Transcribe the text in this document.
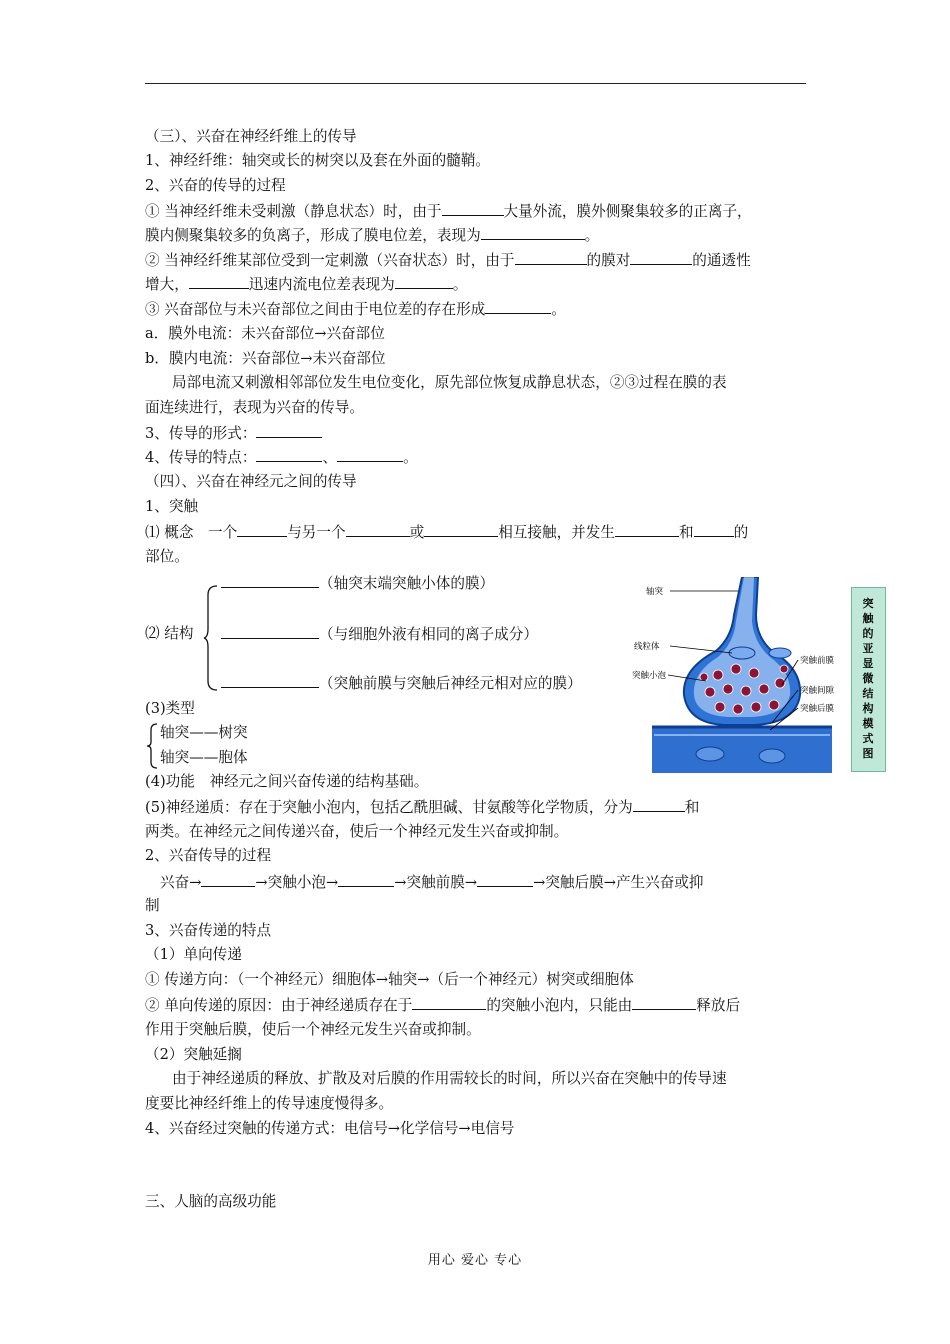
（三）、兴奋在神经纤维上的传导
1、神经纤维：轴突或长的树突以及套在外面的髓鞘。
2、兴奋的传导的过程
① 当神经纤维未受刺激（静息状态）时，由于	大量外流，膜外侧聚集较多的正离子，
膜内侧聚集较多的负离子，形成了膜电位差，表现为	。
② 当神经纤维某部位受到一定刺激（兴奋状态）时，由于	的膜对	的通透性
增大，	迅速内流电位差表现为	。
③ 兴奋部位与未兴奋部位之间由于电位差的存在形成	。
a．膜外电流：未兴奋部位→兴奋部位
b．膜内电流：兴奋部位→未兴奋部位
局部电流又刺激相邻部位发生电位变化，原先部位恢复成静息状态，②③过程在膜的表
面连续进行，表现为兴奋的传导。
3、传导的形式：
4、传导的特点：	、	。
（四）、兴奋在神经元之间的传导
1、突触
⑴ 概念　一个	与另一个	或	相互接触，并发生	和	的
部位。
（轴突末端突触小体的膜）
⑵ 结构	（与细胞外液有相同的离子成分）
（突触前膜与突触后神经元相对应的膜）
(3)类型
轴突——树突
轴突——胞体
(4)功能　神经元之间兴奋传递的结构基础。
(5)神经递质：存在于突触小泡内，包括乙酰胆碱、甘氨酸等化学物质，分为	和
两类。在神经元之间传递兴奋，使后一个神经元发生兴奋或抑制。
2、兴奋传导的过程
兴奋→	→突触小泡→	→突触前膜→	→突触后膜→产生兴奋或抑
制
3、兴奋传递的特点
（1）单向传递
① 传递方向：（一个神经元）细胞体→轴突→（后一个神经元）树突或细胞体
② 单向传递的原因：由于神经递质存在于	的突触小泡内，只能由	释放后
作用于突触后膜，使后一个神经元发生兴奋或抑制。
（2）突触延搁
由于神经递质的释放、扩散及对后膜的作用需较长的时间，所以兴奋在突触中的传导速
度要比神经纤维上的传导速度慢得多。
4、兴奋经过突触的传递方式：电信号→化学信号→电信号
三、人脑的高级功能
轴突
线粒体
突触小泡
突触前膜
突触间隙
突触后膜
突触的亚显微结构模式图
用心 爱心 专心
